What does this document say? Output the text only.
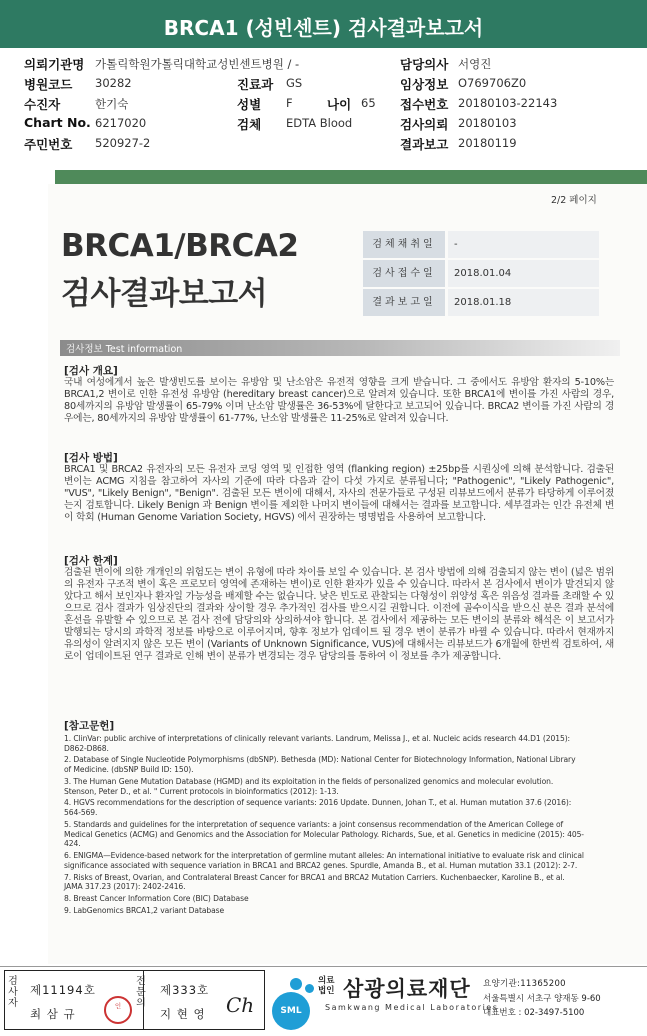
BRCA1 (성빈센트) 검사결과보고서
의뢰기관명 가톨릭학원가톨릭대학교성빈센트병원 / -	담당의사 서영진
병원코드 30282	진료과 GS	임상정보 O769706Z0
수진자	한기숙	성별 F	나이 65 접수번호 20180103-22143
Chart No. 6217020	검체 EDTA Blood	검사의뢰 20180103
주민번호 520927-2	결과보고 20180119
2/2 페이지
BRCA1/BRCA2
검사결과보고서
검체채취일	-
검사접수일	2018.01.04
결과보고일	2018.01.18
검사정보 Test information
[검사 개요]
국내 여성에게서 높은 발생빈도를 보이는 유방암 및 난소암은 유전적 영향을 크게 받습니다. 그 중에서도 유방암 환자의 5-10%는 BRCA1,2 변이로 인한 유전성 유방암 (hereditary breast cancer)으로 알려져 있습니다. 또한 BRCA1에 변이를 가진 사람의 경우, 80세까지의 유방암 발생률이 65-79% 이며 난소암 발생률은 36-53%에 달한다고 보고되어 있습니다. BRCA2 변이를 가진 사람의 경우에는, 80세까지의 유방암 발생률이 61-77%, 난소암 발생률은 11-25%로 알려져 있습니다.
[검사 방법]
BRCA1 및 BRCA2 유전자의 모든 유전자 코딩 영역 및 인접한 영역 (flanking region) ±25bp를 시퀀싱에 의해 분석합니다. 검출된 변이는 ACMG 지침을 참고하여 자사의 기준에 따라 다음과 같이 다섯 가지로 분류됩니다; "Pathogenic", "Likely Pathogenic", "VUS", "Likely Benign", "Benign". 검출된 모든 변이에 대해서, 자사의 전문가들로 구성된 리뷰보드에서 분류가 타당하게 이루어졌는지 검토합니다. Likely Benign 과 Benign 변이를 제외한 나머지 변이들에 대해서는 결과를 보고합니다. 세부결과는 인간 유전체 변이 학회 (Human Genome Variation Society, HGVS) 에서 권장하는 명명법을 사용하여 보고합니다.
[검사 한계]
검출된 변이에 의한 개개인의 위험도는 변이 유형에 따라 차이를 보일 수 있습니다. 본 검사 방법에 의해 검출되지 않는 변이 (넓은 범위의 유전자 구조적 변이 혹은 프로모터 영역에 존재하는 변이)로 인한 환자가 있을 수 있습니다. 따라서 본 검사에서 변이가 발견되지 않았다고 해서 보인자나 환자일 가능성을 배제할 수는 없습니다. 낮은 빈도로 관찰되는 다형성이 위양성 혹은 위음성 결과를 초래할 수 있으므로 검사 결과가 임상진단의 결과와 상이할 경우 추가적인 검사를 받으시길 권합니다. 이전에 골수이식을 받으신 분은 결과 분석에 혼선을 유발할 수 있으므로 본 검사 전에 담당의와 상의하셔야 합니다. 본 검사에서 제공하는 모든 변이의 분류와 해석은 이 보고서가 발행되는 당시의 과학적 정보를 바탕으로 이루어지며, 향후 정보가 업데이트 될 경우 변이 분류가 바뀔 수 있습니다. 따라서 현재까지 유의성이 알려지지 않은 모든 변이 (Variants of Unknown Significance, VUS)에 대해서는 리뷰보드가 6개월에 한번씩 검토하여, 새로이 업데이트된 연구 결과로 인해 변이 분류가 변경되는 경우 담당의를 통하여 이 정보를 추가 제공합니다.
[참고문헌]
1. ClinVar: public archive of interpretations of clinically relevant variants. Landrum, Melissa J., et al. Nucleic acids research 44.D1 (2015): D862-D868.
2. Database of Single Nucleotide Polymorphisms (dbSNP). Bethesda (MD): National Center for Biotechnology Information, National Library of Medicine. (dbSNP Build ID: 150).
3. The Human Gene Mutation Database (HGMD) and its exploitation in the fields of personalized genomics and molecular evolution. Stenson, Peter D., et al. " Current protocols in bioinformatics (2012): 1-13.
4. HGVS recommendations for the description of sequence variants: 2016 Update. Dunnen, Johan T., et al. Human mutation 37.6 (2016): 564-569.
5. Standards and guidelines for the interpretation of sequence variants: a joint consensus recommendation of the American College of Medical Genetics (ACMG) and Genomics and the Association for Molecular Pathology. Richards, Sue, et al. Genetics in medicine (2015): 405-424.
6. ENIGMA—Evidence-based network for the interpretation of germline mutant alleles: An international initiative to evaluate risk and clinical significance associated with sequence variation in BRCA1 and BRCA2 genes. Spurdle, Amanda B., et al. Human mutation 33.1 (2012): 2-7.
7. Risks of Breast, Ovarian, and Contralateral Breast Cancer for BRCA1 and BRCA2 Mutation Carriers. Kuchenbaecker, Karoline B., et al. JAMA 317.23 (2017): 2402-2416.
8. Breast Cancer Information Core (BIC) Database
9. LabGenomics BRCA1,2 variant Database
검사자
제11194호
최 삼 규
인
전문의
제333호
지 현 영 Ch	SML
의료법인 삼광의료재단
Samkwang Medical Laboratories
요양기관:11365200
서울특별시 서초구 양재동 9-60
대표번호 : 02-3497-5100
